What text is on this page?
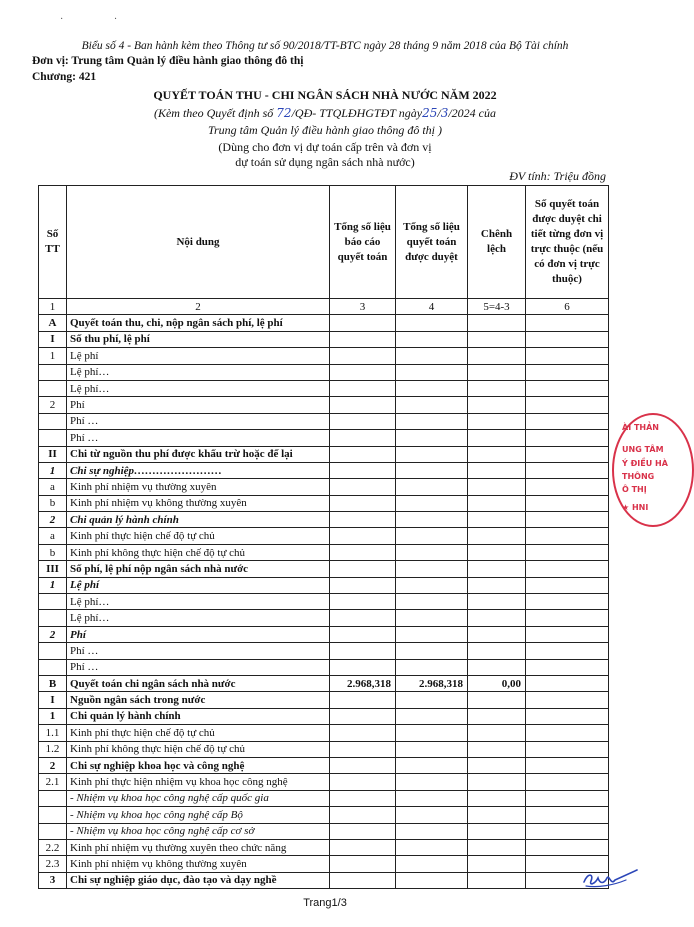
· ·
Biểu số 4 - Ban hành kèm theo Thông tư số 90/2018/TT-BTC ngày 28 tháng 9 năm 2018 của Bộ Tài chính
Đơn vị: Trung tâm Quản lý điều hành giao thông đô thị
Chương: 421
QUYẾT TOÁN THU - CHI NGÂN SÁCH NHÀ NƯỚC NĂM 2022
(Kèm theo Quyết định số 72/QĐ- TTQLĐHGTĐT ngày25/3/2024 của
Trung tâm Quản lý điều hành giao thông đô thị )
(Dùng cho đơn vị dự toán cấp trên và đơn vị
dự toán sử dụng ngân sách nhà nước)
ĐV tính: Triệu đồng
Số TT	Nội dung	Tổng số liệu báo cáo quyết toán	Tổng số liệu quyết toán được duyệt	Chênh lệch	Số quyết toán được duyệt chi tiết từng đơn vị trực thuộc (nếu có đơn vị trực thuộc)
1	2	3	4	5=4-3	6
A	Quyết toán thu, chi, nộp ngân sách phí, lệ phí				
I	Số thu phí, lệ phí				
1	Lệ phí				
	Lệ phí…				
	Lệ phí…				
2	Phí				
	Phí …				
	Phí …				
II	Chi từ nguồn thu phí được khấu trừ hoặc để lại				
1	Chi sự nghiệp……………………				
a	Kinh phí nhiệm vụ thường xuyên				
b	Kinh phí nhiệm vụ không thường xuyên				
2	Chi quản lý hành chính				
a	Kinh phí thực hiện chế độ tự chủ				
b	Kinh phí không thực hiện chế độ tự chủ				
III	Số phí, lệ phí nộp ngân sách nhà nước				
1	Lệ phí				
	Lệ phí…				
	Lệ phí…				
2	Phí				
	Phí …				
	Phí …				
B	Quyết toán chi ngân sách nhà nước	2.968,318	2.968,318	0,00	
I	Nguồn ngân sách trong nước				
1	Chi quản lý hành chính				
1.1	Kinh phí thực hiện chế độ tự chủ				
1.2	Kinh phí không thực hiện chế độ tự chủ				
2	Chi sự nghiệp khoa học và công nghệ				
2.1	Kinh phí thực hiện nhiệm vụ khoa học công nghệ				
	- Nhiệm vụ khoa học công nghệ cấp quốc gia				
	- Nhiệm vụ khoa học công nghệ cấp Bộ				
	- Nhiệm vụ khoa học công nghệ cấp cơ sở				
2.2	Kinh phí nhiệm vụ thường xuyên theo chức năng				
2.3	Kinh phí nhiệm vụ không thường xuyên				
3	Chi sự nghiệp giáo dục, đào tạo và dạy nghề				
ÀI THẢN
UNG TÂM
Ý ĐIỀU HÀ
THÔNG
Ô THỊ
★ HNI
Trang1/3
